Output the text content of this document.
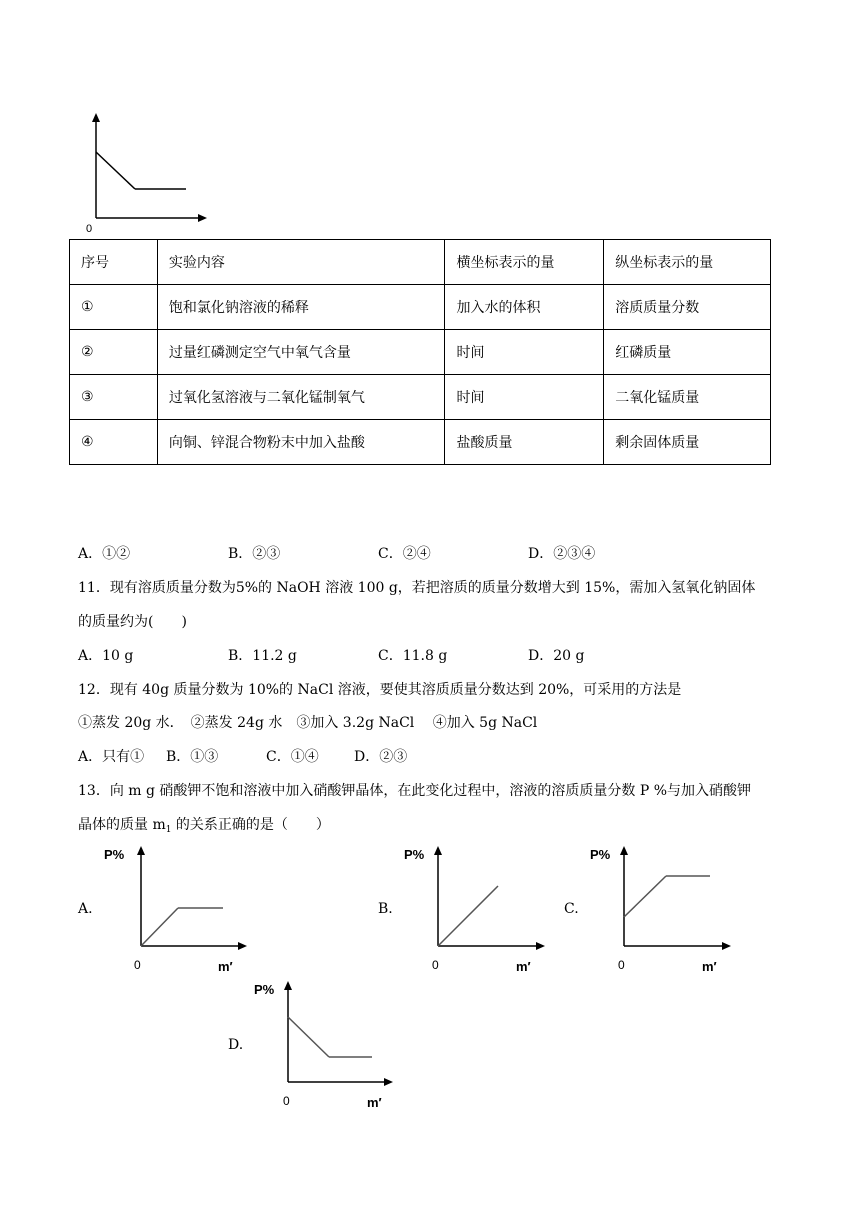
0
序号	实验内容	横坐标表示的量	纵坐标表示的量
①	饱和氯化钠溶液的稀释	加入水的体积	溶质质量分数
②	过量红磷测定空气中氧气含量	时间	红磷质量
③	过氧化氢溶液与二氧化锰制氧气	时间	二氧化锰质量
④	向铜、锌混合物粉末中加入盐酸	盐酸质量	剩余固体质量
A．①②	B．②③	C．②④	D．②③④
11．现有溶质质量分数为5%的 NaOH 溶液 100 g，若把溶质的质量分数增大到 15%，需加入氢氧化钠固体
的质量约为(　　)
A．10 g	B．11.2 g	C．11.8 g	D．20 g
12．现有 40g 质量分数为 10%的 NaCl 溶液，要使其溶质质量分数达到 20%，可采用的方法是
①蒸发 20g 水．　②蒸发 24g 水　③加入 3.2g NaCl　 ④加入 5g NaCl
A．只有① B．①③	C．①④	D．②③
13．向 m g 硝酸钾不饱和溶液中加入硝酸钾晶体，在此变化过程中，溶液的溶质质量分数 P %与加入硝酸钾
晶体的质量 $m_1$ 的关系正确的是（　　）
A.
P%
0	m′
B.
P%
0	m′
C.
P%
0	m′
D.
P%
0	m′
